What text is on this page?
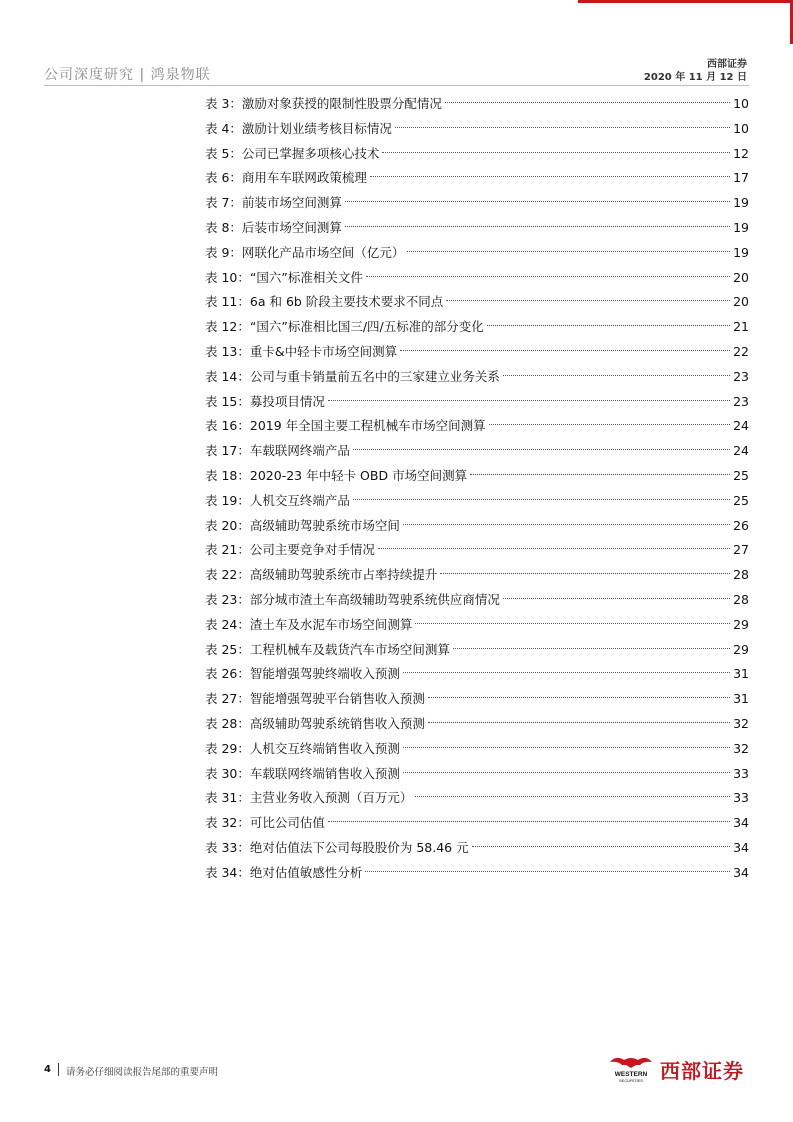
公司深度研究 | 鸿泉物联
西部证券
2020 年 11 月 12 日
表 3：激励对象获授的限制性股票分配情况	10
表 4：激励计划业绩考核目标情况	10
表 5：公司已掌握多项核心技术	12
表 6：商用车车联网政策梳理	17
表 7：前装市场空间测算	19
表 8：后装市场空间测算	19
表 9：网联化产品市场空间（亿元）	19
表 10：“国六”标准相关文件	20
表 11：6a 和 6b 阶段主要技术要求不同点	20
表 12：“国六”标准相比国三/四/五标准的部分变化	21
表 13：重卡&中轻卡市场空间测算	22
表 14：公司与重卡销量前五名中的三家建立业务关系	23
表 15：募投项目情况	23
表 16：2019 年全国主要工程机械车市场空间测算	24
表 17：车载联网终端产品	24
表 18：2020-23 年中轻卡 OBD 市场空间测算	25
表 19：人机交互终端产品	25
表 20：高级辅助驾驶系统市场空间	26
表 21：公司主要竞争对手情况	27
表 22：高级辅助驾驶系统市占率持续提升	28
表 23：部分城市渣土车高级辅助驾驶系统供应商情况	28
表 24：渣土车及水泥车市场空间测算	29
表 25：工程机械车及载货汽车市场空间测算	29
表 26：智能增强驾驶终端收入预测	31
表 27：智能增强驾驶平台销售收入预测	31
表 28：高级辅助驾驶系统销售收入预测	32
表 29：人机交互终端销售收入预测	32
表 30：车载联网终端销售收入预测	33
表 31：主营业务收入预测（百万元）	33
表 32：可比公司估值	34
表 33：绝对估值法下公司每股股价为 58.46 元	34
表 34：绝对估值敏感性分析	34
4 请务必仔细阅读报告尾部的重要声明	WESTERN
SECURITIES 西部证券
